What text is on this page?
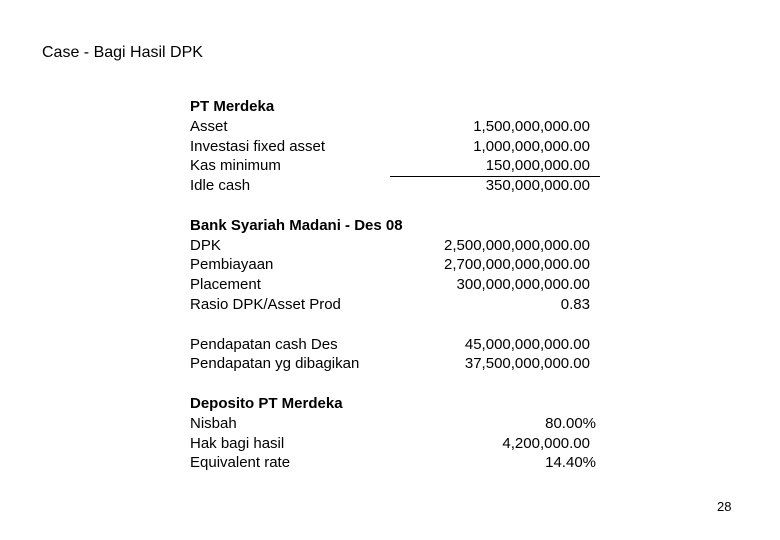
Case - Bagi Hasil DPK
PT Merdeka
Asset	1,500,000,000.00
Investasi fixed asset	1,000,000,000.00
Kas minimum	150,000,000.00
Idle cash	350,000,000.00
Bank Syariah Madani - Des 08
DPK	2,500,000,000,000.00
Pembiayaan	2,700,000,000,000.00
Placement	300,000,000,000.00
Rasio DPK/Asset Prod	0.83
Pendapatan cash Des	45,000,000,000.00
Pendapatan yg dibagikan	37,500,000,000.00
Deposito PT Merdeka
Nisbah	80.00%
Hak bagi hasil	4,200,000.00
Equivalent rate	14.40%
28
